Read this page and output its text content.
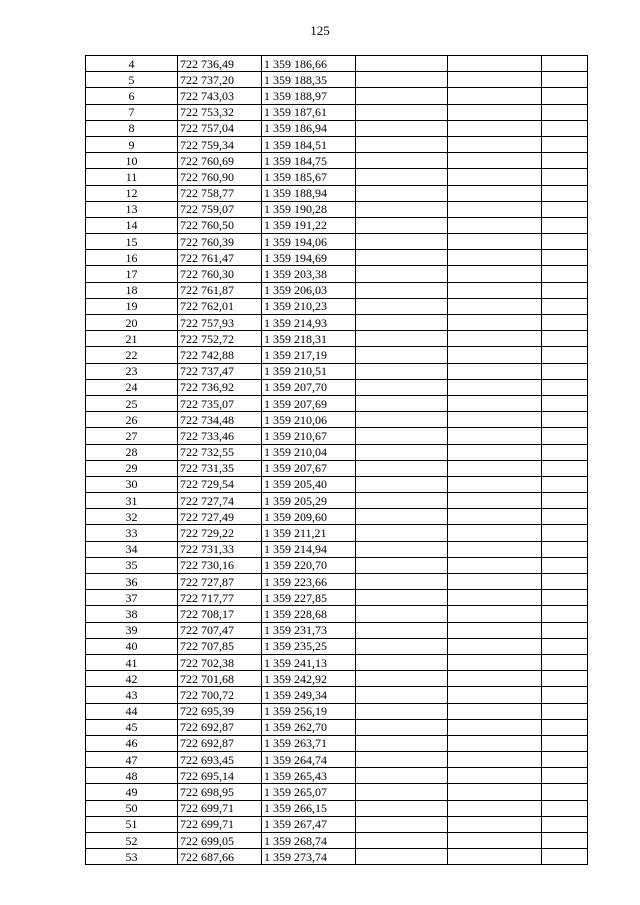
125
4	722 736,49	1 359 186,66			
5	722 737,20	1 359 188,35			
6	722 743,03	1 359 188,97			
7	722 753,32	1 359 187,61			
8	722 757,04	1 359 186,94			
9	722 759,34	1 359 184,51			
10	722 760,69	1 359 184,75			
11	722 760,90	1 359 185,67			
12	722 758,77	1 359 188,94			
13	722 759,07	1 359 190,28			
14	722 760,50	1 359 191,22			
15	722 760,39	1 359 194,06			
16	722 761,47	1 359 194,69			
17	722 760,30	1 359 203,38			
18	722 761,87	1 359 206,03			
19	722 762,01	1 359 210,23			
20	722 757,93	1 359 214,93			
21	722 752,72	1 359 218,31			
22	722 742,88	1 359 217,19			
23	722 737,47	1 359 210,51			
24	722 736,92	1 359 207,70			
25	722 735,07	1 359 207,69			
26	722 734,48	1 359 210,06			
27	722 733,46	1 359 210,67			
28	722 732,55	1 359 210,04			
29	722 731,35	1 359 207,67			
30	722 729,54	1 359 205,40			
31	722 727,74	1 359 205,29			
32	722 727,49	1 359 209,60			
33	722 729,22	1 359 211,21			
34	722 731,33	1 359 214,94			
35	722 730,16	1 359 220,70			
36	722 727,87	1 359 223,66			
37	722 717,77	1 359 227,85			
38	722 708,17	1 359 228,68			
39	722 707,47	1 359 231,73			
40	722 707,85	1 359 235,25			
41	722 702,38	1 359 241,13			
42	722 701,68	1 359 242,92			
43	722 700,72	1 359 249,34			
44	722 695,39	1 359 256,19			
45	722 692,87	1 359 262,70			
46	722 692,87	1 359 263,71			
47	722 693,45	1 359 264,74			
48	722 695,14	1 359 265,43			
49	722 698,95	1 359 265,07			
50	722 699,71	1 359 266,15			
51	722 699,71	1 359 267,47			
52	722 699,05	1 359 268,74			
53	722 687,66	1 359 273,74			
